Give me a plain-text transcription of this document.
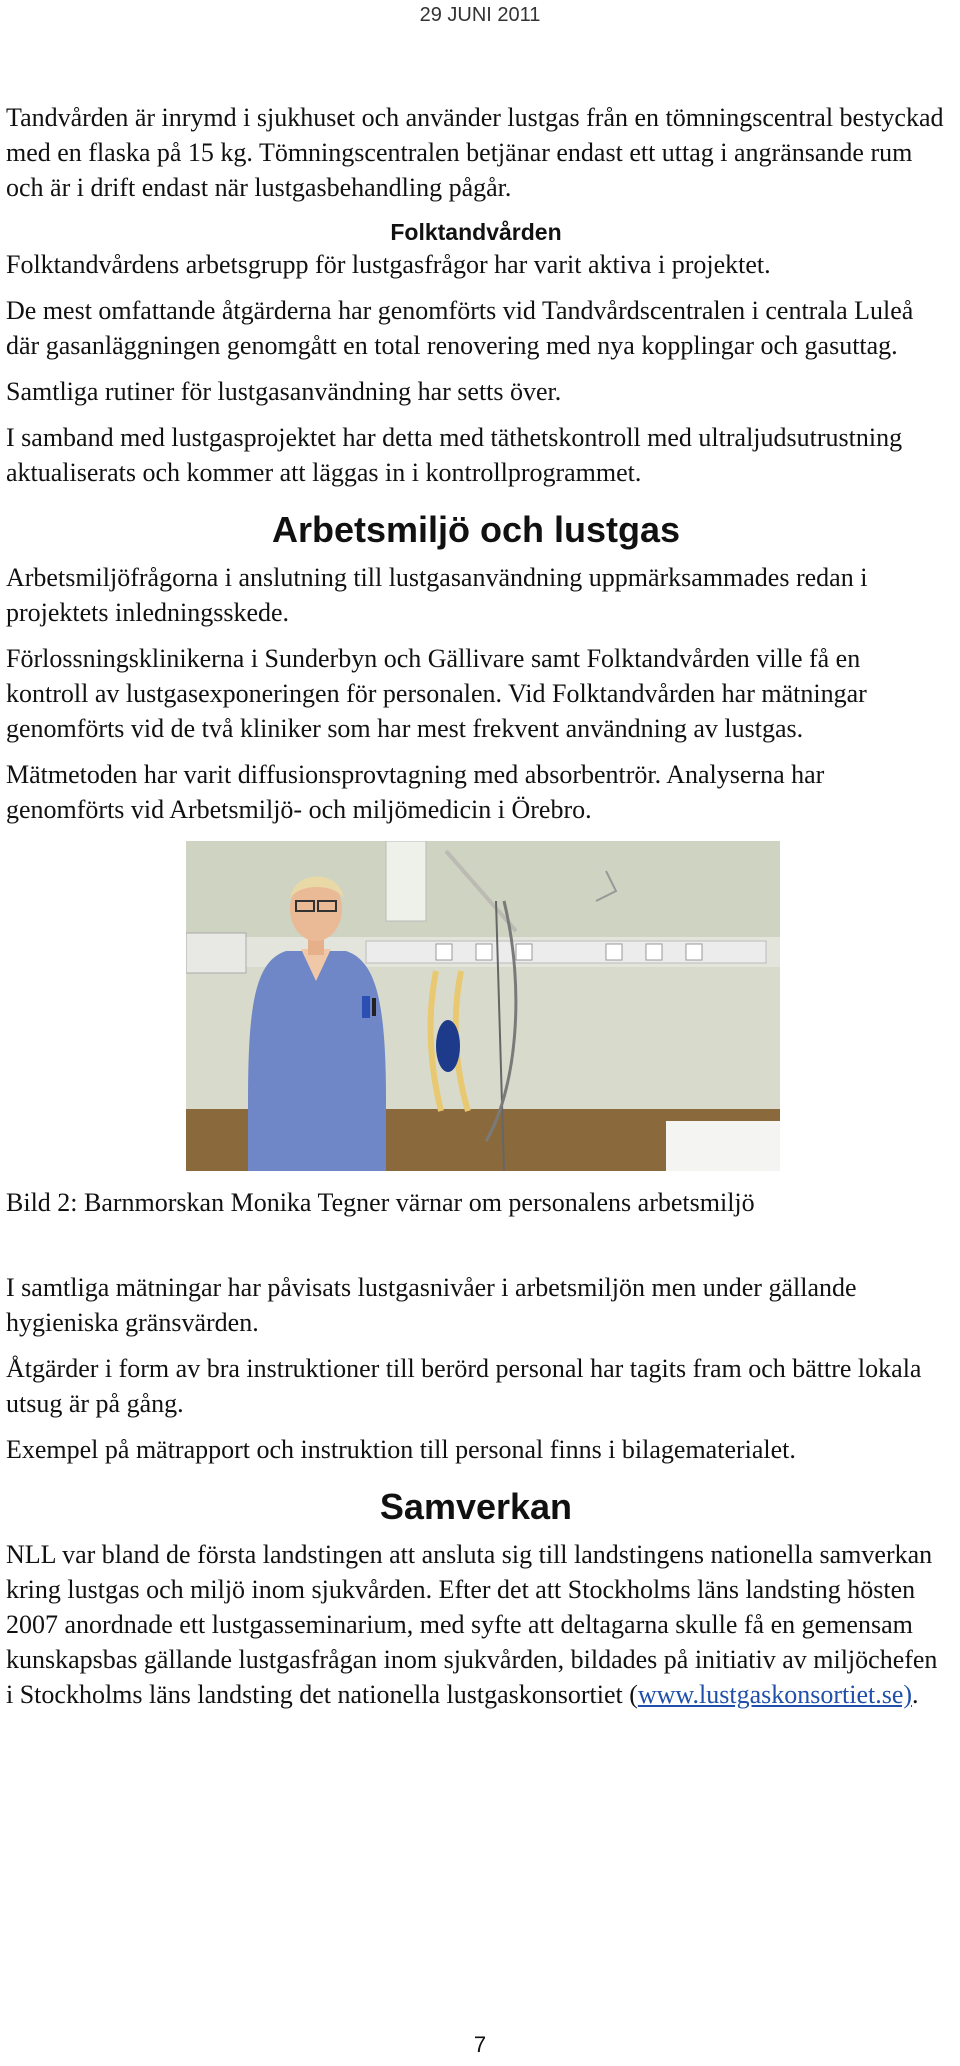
29 JUNI 2011

Tandvården är inrymd i sjukhuset och använder lustgas från en tömningscentral bestyckad med en flaska på 15 kg. Tömningscentralen betjänar endast ett uttag i angränsande rum och är i drift endast när lustgasbehandling pågår.

Folktandvården

Folktandvårdens arbetsgrupp för lustgasfrågor har varit aktiva i projektet.

De mest omfattande åtgärderna har genomförts vid Tandvårdscentralen i centrala Luleå där gasanläggningen genomgått en total renovering med nya kopplingar och gasuttag.

Samtliga rutiner för lustgasanvändning har setts över.

I samband med lustgasprojektet har detta med täthetskontroll med ultraljudsutrustning aktualiserats och kommer att läggas in i kontrollprogrammet.

Arbetsmiljö och lustgas

Arbetsmiljöfrågorna i anslutning till lustgasanvändning uppmärksammades redan i projektets inledningsskede.

Förlossningsklinikerna i Sunderbyn och Gällivare samt Folktandvården ville få en kontroll av lustgasexponeringen för personalen. Vid Folktandvården har mätningar genomförts vid de två kliniker som har mest frekvent användning av lustgas.

Mätmetoden har varit diffusionsprovtagning med absorbentrör. Analyserna har genomförts vid Arbetsmiljö- och miljömedicin i Örebro.

Bild 2: Barnmorskan Monika Tegner värnar om personalens arbetsmiljö

I samtliga mätningar har påvisats lustgasnivåer i arbetsmiljön men under gällande hygieniska gränsvärden.

Åtgärder i form av bra instruktioner till berörd personal har tagits fram och bättre lokala utsug är på gång.

Exempel på mätrapport och instruktion till personal finns i bilagematerialet.

Samverkan

NLL var bland de första landstingen att ansluta sig till landstingens nationella samverkan kring lustgas och miljö inom sjukvården. Efter det att Stockholms läns landsting hösten 2007 anordnade ett lustgasseminarium, med syfte att deltagarna skulle få en gemensam kunskapsbas gällande lustgasfrågan inom sjukvården, bildades på initiativ av miljöchefen i Stockholms läns landsting det nationella lustgaskonsortiet (www.lustgaskonsortiet.se).

7
